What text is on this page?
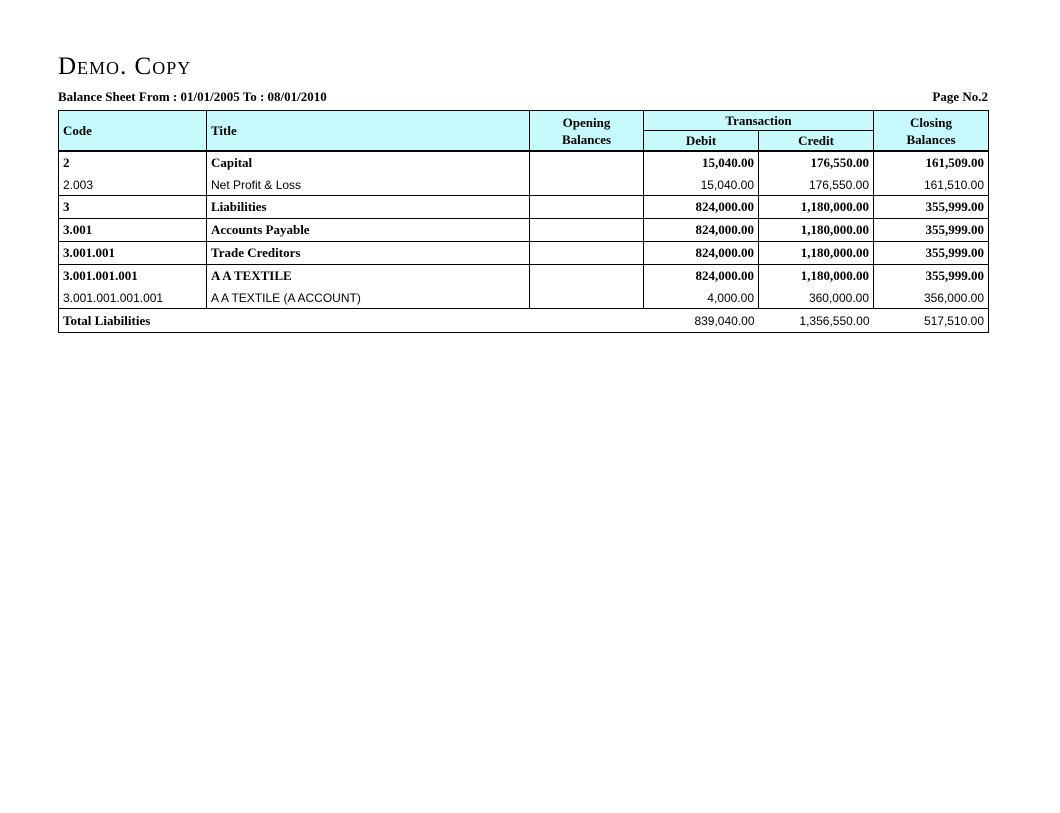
Demo. Copy
Balance Sheet From : 01/01/2005 To : 08/01/2010	Page No.2
Code	Title	Opening Balances	Transaction		Closing Balances
			Debit	Credit	
2	Capital		15,040.00	176,550.00	161,509.00
2.003	Net Profit & Loss		15,040.00	176,550.00	161,510.00
3	Liabilities		824,000.00	1,180,000.00	355,999.00
3.001	Accounts Payable		824,000.00	1,180,000.00	355,999.00
3.001.001	Trade Creditors		824,000.00	1,180,000.00	355,999.00
3.001.001.001	A A TEXTILE		824,000.00	1,180,000.00	355,999.00
3.001.001.001.001	A A TEXTILE (A ACCOUNT)		4,000.00	360,000.00	356,000.00
Total Liabilities			839,040.00	1,356,550.00	517,510.00
